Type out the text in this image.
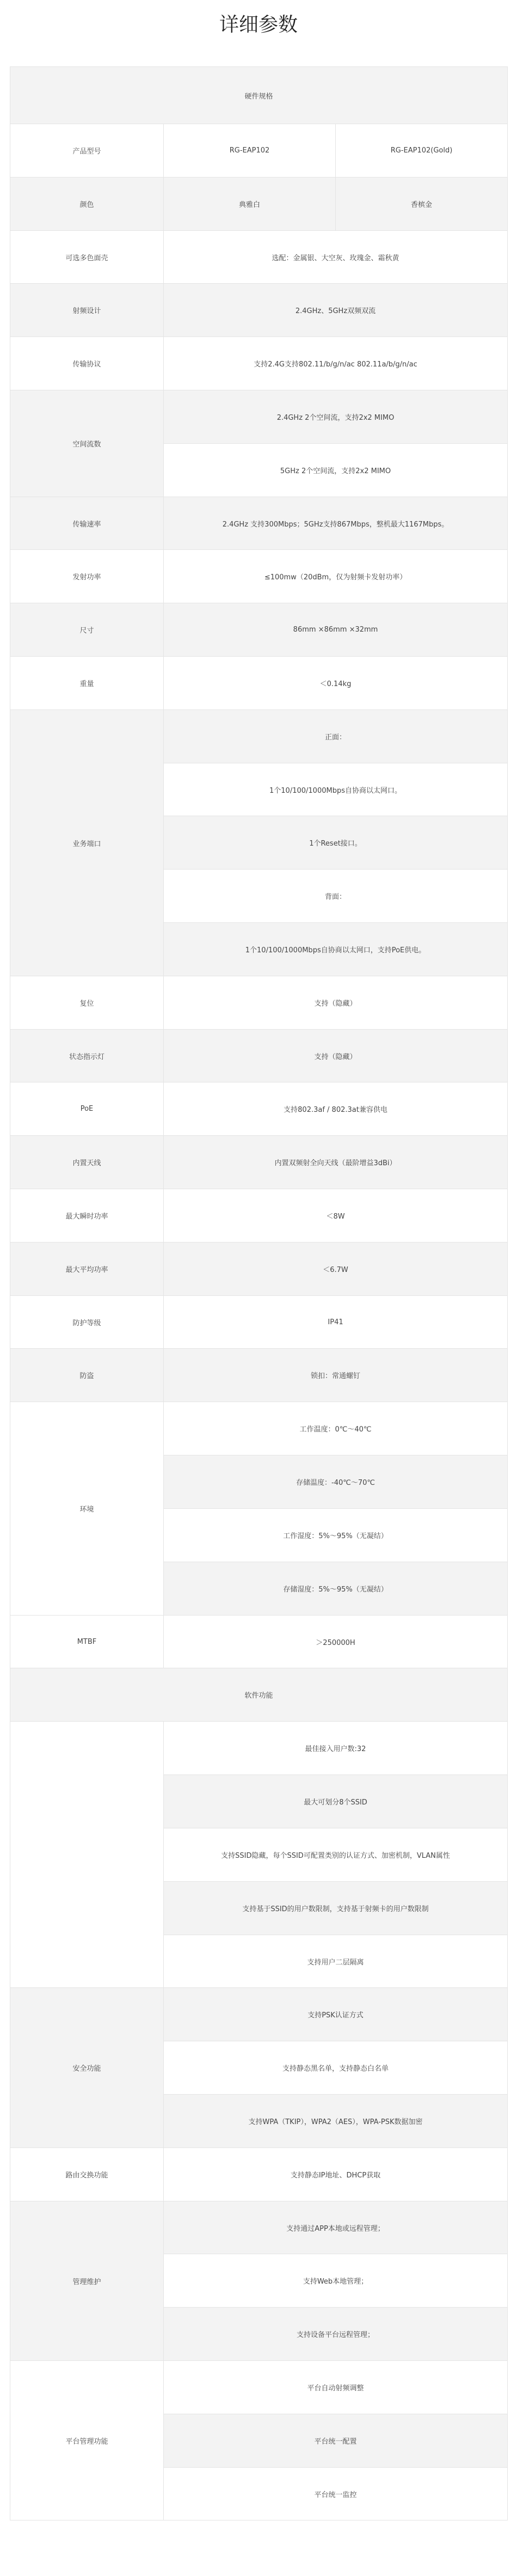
详细参数
硬件规格		
产品型号	RG-EAP102	RG-EAP102(Gold)
颜色	典雅白	香槟金
可选多色面壳	选配：金属银、大空灰、玫瑰金、霜秋黄	
射频设计	2.4GHz、5GHz双频双流	
传输协议	支持2.4G支持802.11/b/g/n/ac 802.11a/b/g/n/ac	
空间流数	2.4GHz 2个空间流，支持2x2 MIMO	
	5GHz 2个空间流，支持2x2 MIMO	
传输速率	2.4GHz 支持300Mbps；5GHz支持867Mbps，整机最大1167Mbps。	
发射功率	≤100mw（20dBm，仅为射频卡发射功率）	
尺寸	86mm ×86mm ×32mm	
重量	＜0.14kg	
业务端口	正面：	
	1个10/100/1000Mbps自协商以太网口。	
	1个Reset接口。	
	背面：	
	1个10/100/1000Mbps自协商以太网口，支持PoE供电。	
复位	支持（隐藏）	
状态指示灯	支持（隐藏）	
PoE	支持802.3af / 802.3at兼容供电	
内置天线	内置双频射全向天线（最阶增益3dBi）	
最大瞬时功率	＜8W	
最大平均功率	＜6.7W	
防护等级	IP41	
防盗	锁扣：常通螺钉	
环境	工作温度：0℃～40℃	
	存储温度：-40℃～70℃	
	工作湿度：5%～95%（无凝结）	
	存储湿度：5%～95%（无凝结）	
MTBF	＞250000H	
软件功能		
	最佳接入用户数:32	
	最大可划分8个SSID	
	支持SSID隐藏，每个SSID可配置类别的认证方式、加密机制，VLAN属性	
	支持基于SSID的用户数限制，支持基于射频卡的用户数限制	
	支持用户二层隔离	
安全功能	支持PSK认证方式	
	支持静态黑名单，支持静态白名单	
	支持WPA（TKIP），WPA2（AES），WPA-PSK数据加密	
路由交换功能	支持静态IP地址、DHCP获取	
管理维护	支持通过APP本地或远程管理；	
	支持Web本地管理；	
	支持设备平台远程管理；	
平台管理功能	平台自动射频调整	
	平台统一配置	
	平台统一监控	
